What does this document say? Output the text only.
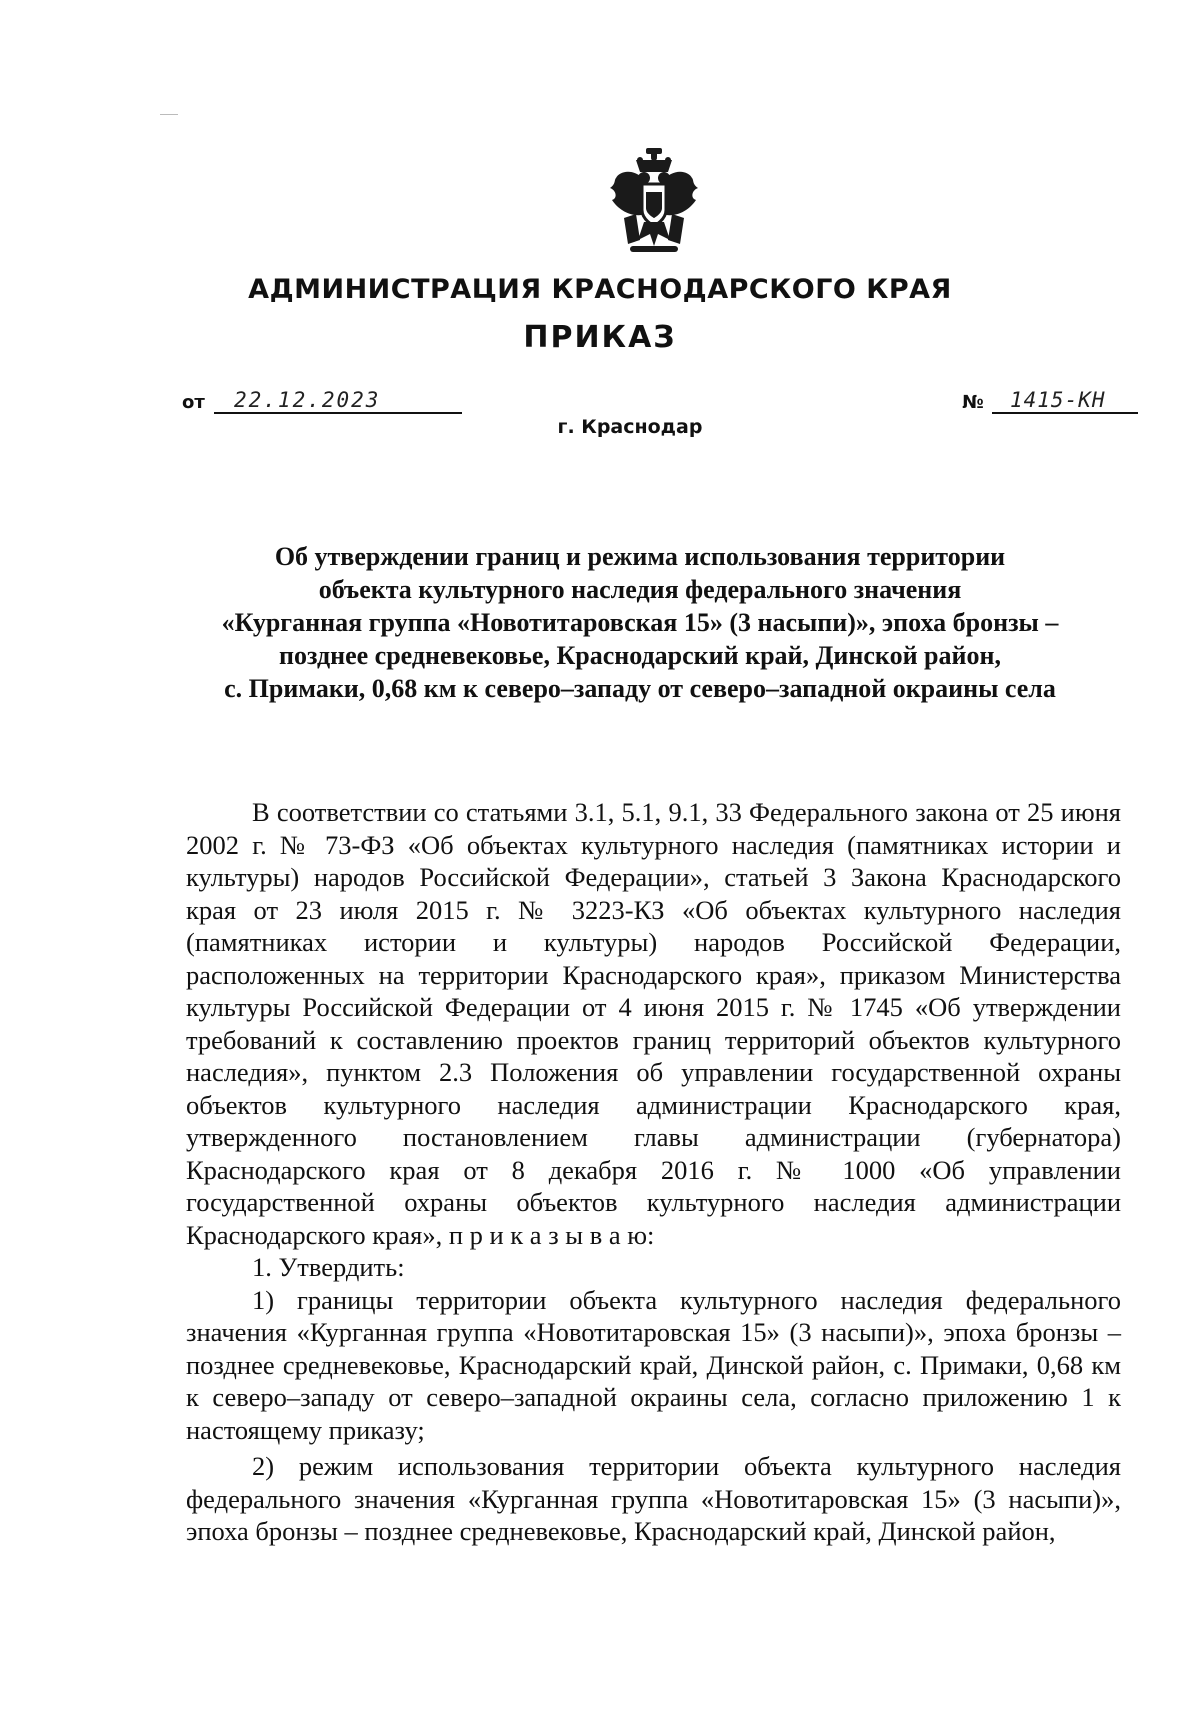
АДМИНИСТРАЦИЯ КРАСНОДАРСКОГО КРАЯ
ПРИКАЗ
от 22.12.2023	№ 1415-КН
г. Краснодар
Об утверждении границ и режима использования территории
объекта культурного наследия федерального значения
«Курганная группа «Новотитаровская 15» (3 насыпи)», эпоха бронзы –
позднее средневековье, Краснодарский край, Динской район,
с. Примаки, 0,68 км к северо–западу от северо–западной окраины села

В соответствии со статьями 3.1, 5.1, 9.1, 33 Федерального закона от 25 июня 2002 г. № 73-ФЗ «Об объектах культурного наследия (памятниках истории и культуры) народов Российской Федерации», статьей 3 Закона Краснодарского края от 23 июля 2015 г. № 3223-КЗ «Об объектах культурного наследия (памятниках истории и культуры) народов Российской Федерации, расположенных на территории Краснодарского края», приказом Министерства культуры Российской Федерации от 4 июня 2015 г. № 1745 «Об утверждении требований к составлению проектов границ территорий объектов культурного наследия», пунктом 2.3 Положения об управлении государственной охраны объектов культурного наследия администрации Краснодарского края, утвержденного постановлением главы администрации (губернатора) Краснодарского края от 8 декабря 2016 г. № 1000 «Об управлении государственной охраны объектов культурного наследия администрации Краснодарского края», п р и к а з ы в а ю:

1. Утвердить:

1) границы территории объекта культурного наследия федерального значения «Курганная группа «Новотитаровская 15» (3 насыпи)», эпоха бронзы – позднее средневековье, Краснодарский край, Динской район, с. Примаки, 0,68 км к северо–западу от северо–западной окраины села, согласно приложению 1 к настоящему приказу;

2) режим использования территории объекта культурного наследия федерального значения «Курганная группа «Новотитаровская 15» (3 насыпи)», эпоха бронзы – позднее средневековье, Краснодарский край, Динской район,
